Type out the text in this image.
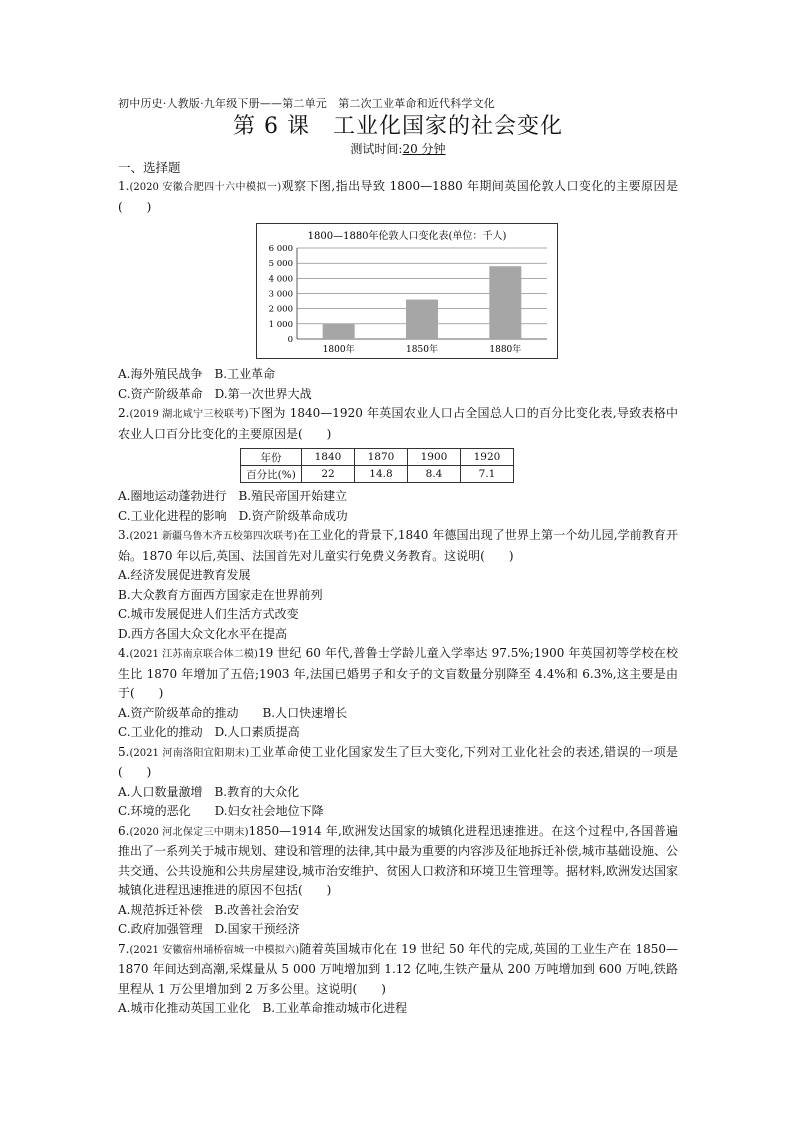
初中历史·人教版·九年级下册——第二单元　第二次工业革命和近代科学文化
第 6 课　工业化国家的社会变化
测试时间:20 分钟
一、选择题
1.(2020 安徽合肥四十六中模拟一)观察下图,指出导致 1800—1880 年期间英国伦敦人口变化的主要原因是(　　)
1800—1880年伦敦人口变化表(单位：千人)
0
1 000
2 000
3 000
4 000
5 000
6 000
1800年	1850年	1880年
A.海外殖民战争　B.工业革命
C.资产阶级革命　D.第一次世界大战
2.(2019 湖北咸宁三校联考)下图为 1840—1920 年英国农业人口占全国总人口的百分比变化表,导致表格中农业人口百分比变化的主要原因是(　　)
年份	1840	1870	1900	1920
百分比(%)	22	14.8	8.4	7.1
A.圈地运动蓬勃进行　B.殖民帝国开始建立
C.工业化进程的影响　D.资产阶级革命成功
3.(2021 新疆乌鲁木齐五校第四次联考)在工业化的背景下,1840 年德国出现了世界上第一个幼儿园,学前教育开始。1870 年以后,英国、法国首先对儿童实行免费义务教育。这说明(　　)
A.经济发展促进教育发展
B.大众教育方面西方国家走在世界前列
C.城市发展促进人们生活方式改变
D.西方各国大众文化水平在提高
4.(2021 江苏南京联合体二模)19 世纪 60 年代,普鲁士学龄儿童入学率达 97.5%;1900 年英国初等学校在校生比 1870 年增加了五倍;1903 年,法国已婚男子和女子的文盲数量分别降至 4.4%和 6.3%,这主要是由于(　　)
A.资产阶级革命的推动　　B.人口快速增长
C.工业化的推动　D.人口素质提高
5.(2021 河南洛阳宜阳期末)工业革命使工业化国家发生了巨大变化,下列对工业化社会的表述,错误的一项是(　　)
A.人口数量激增　B.教育的大众化
C.环境的恶化　　D.妇女社会地位下降
6.(2020 河北保定三中期末)1850—1914 年,欧洲发达国家的城镇化进程迅速推进。在这个过程中,各国普遍推出了一系列关于城市规划、建设和管理的法律,其中最为重要的内容涉及征地拆迁补偿,城市基础设施、公共交通、公共设施和公共房屋建设,城市治安维护、贫困人口救济和环境卫生管理等。据材料,欧洲发达国家城镇化进程迅速推进的原因不包括(　　)
A.规范拆迁补偿　B.改善社会治安
C.政府加强管理　D.国家干预经济
7.(2021 安徽宿州埇桥宿城一中模拟六)随着英国城市化在 19 世纪 50 年代的完成,英国的工业生产在 1850—1870 年间达到高潮,采煤量从 5 000 万吨增加到 1.12 亿吨,生铁产量从 200 万吨增加到 600 万吨,铁路里程从 1 万公里增加到 2 万多公里。这说明(　　)
A.城市化推动英国工业化　B.工业革命推动城市化进程
